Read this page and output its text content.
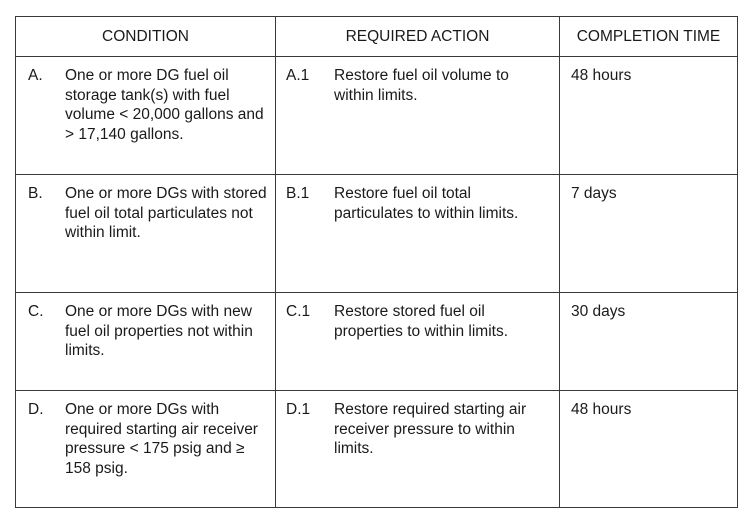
CONDITION	REQUIRED ACTION	COMPLETION TIME

A. One or more DG fuel oil storage tank(s) with fuel volume < 20,000 gallons and > 17,140 gallons.	A.1 Restore fuel oil volume to within limits.	48 hours

B. One or more DGs with stored fuel oil total particulates not within limit.	B.1 Restore fuel oil total particulates to within limits.	7 days

C. One or more DGs with new fuel oil properties not within limits.	C.1 Restore stored fuel oil properties to within limits.	30 days

D. One or more DGs with required starting air receiver pressure < 175 psig and ≥ 158 psig.	D.1 Restore required starting air receiver pressure to within limits.	48 hours
